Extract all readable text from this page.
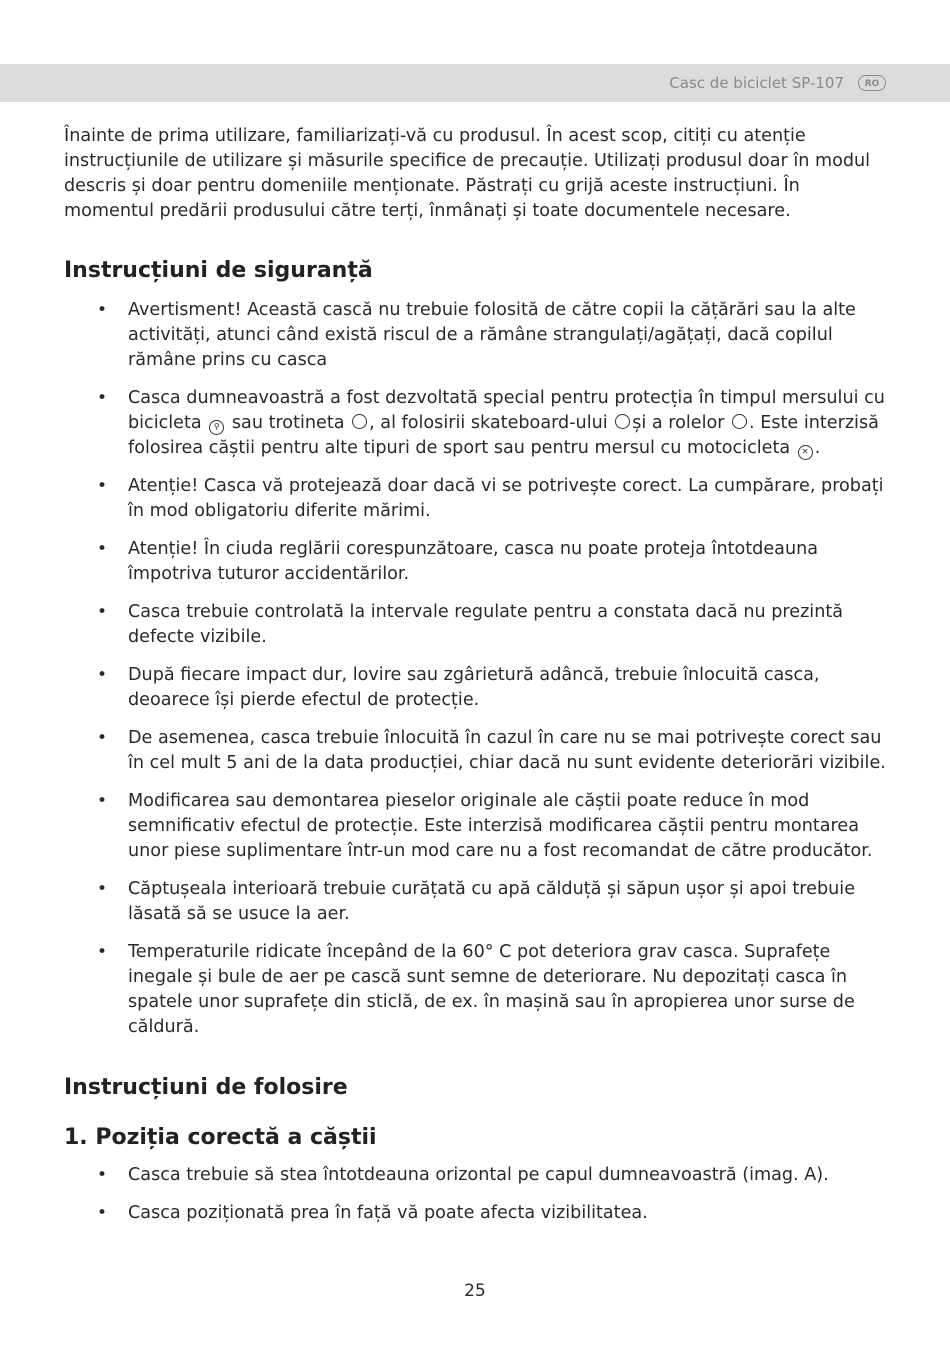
Casc de biciclet SP-107	RO

Înainte de prima utilizare, familiarizați-vă cu produsul. În acest scop, citiți cu atenție instrucțiunile de utilizare și măsurile specifice de precauție. Utilizați produsul doar în modul descris și doar pentru domeniile menționate. Păstrați cu grijă aceste instrucțiuni. În momentul predării produsului către terți, înmânați și toate documentele necesare.

Instrucțiuni de siguranță
• Avertisment! Această cască nu trebuie folosită de către copii la cățărări sau la alte activități, atunci când există riscul de a rămâne strangulați/agățați, dacă copilul rămâne prins cu casca
• Casca dumneavoastră a fost dezvoltată special pentru protecția în timpul mersului cu bicicleta ⚲ sau trotineta , al folosirii skateboard-ului și a rolelor . Este interzisă folosirea căștii pentru alte tipuri de sport sau pentru mersul cu motocicleta ✕ .
• Atenție! Casca vă protejează doar dacă vi se potrivește corect. La cumpărare, probați în mod obligatoriu diferite mărimi.
• Atenție! În ciuda reglării corespunzătoare, casca nu poate proteja întotdeauna împotriva tuturor accidentărilor.
• Casca trebuie controlată la intervale regulate pentru a constata dacă nu prezintă defecte vizibile.
• După fiecare impact dur, lovire sau zgârietură adâncă, trebuie înlocuită casca, deoarece își pierde efectul de protecție.
• De asemenea, casca trebuie înlocuită în cazul în care nu se mai potrivește corect sau în cel mult 5 ani de la data producției, chiar dacă nu sunt evidente deteriorări vizibile.
• Modificarea sau demontarea pieselor originale ale căștii poate reduce în mod semnificativ efectul de protecție. Este interzisă modificarea căștii pentru montarea unor piese suplimentare într-un mod care nu a fost recomandat de către producător.
• Căptușeala interioară trebuie curățată cu apă călduță și săpun ușor și apoi trebuie lăsată să se usuce la aer.
• Temperaturile ridicate începând de la 60° C pot deteriora grav casca. Suprafețe inegale și bule de aer pe cască sunt semne de deteriorare. Nu depozitați casca în spatele unor suprafețe din sticlă, de ex. în mașină sau în apropierea unor surse de căldură.
Instrucțiuni de folosire
1. Poziția corectă a căștii
• Casca trebuie să stea întotdeauna orizontal pe capul dumneavoastră (imag. A).
• Casca poziționată prea în față vă poate afecta vizibilitatea.
25
